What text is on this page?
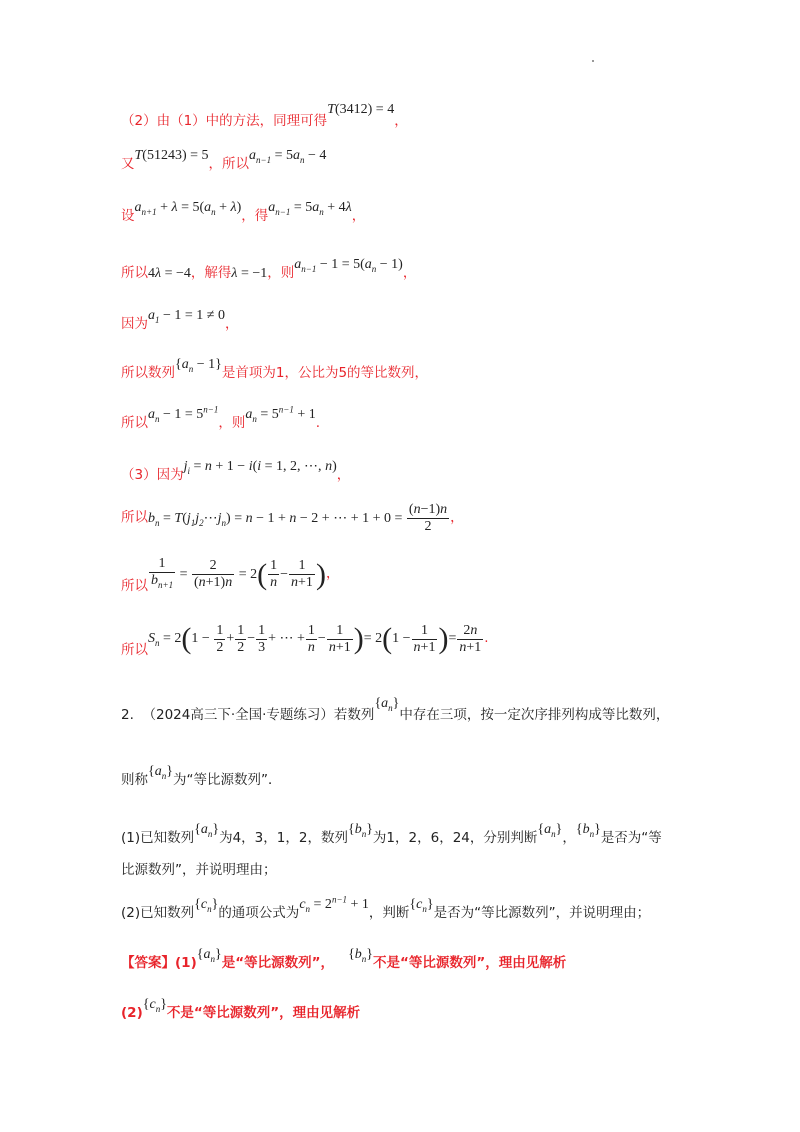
（2）由（1）中的方法，同理可得T(3412) = 4，
又T(51243) = 5，所以$a_{n-1} = 5a_n - 4$
设$a_{n+1} + \lambda = 5(a_n + \lambda)$，得$a_{n-1} = 5a_n + 4\lambda$，
所以4λ = −4，解得λ = −1，则$a_{n-1} - 1 = 5(a_n - 1)$，
因为$a_1 - 1 = 1 \ne 0$，
所以数列$\{a_n - 1\}$是首项为1，公比为5的等比数列，
所以$a_n - 1 = 5^{n-1}$，则$a_n = 5^{n-1} + 1$.
（3）因为$j_i = n + 1 - i(i = 1$, 2, ⋯, n)，
所以$b_n$ = $T(j_1j_2\cdots j_n) = n - 1 + n - 2$ + ⋯ + $1 + 0 = \frac{(n-1)n}{2}$ ，
所以 $\frac{1}{b_{n+1}} = \frac{2}{(n+1)n} = 2( \frac{1}{n} - \frac{1}{n+1}$ )，
所以$S_n = 2(1 - \frac{1}{2} + \frac{1}{2} - \frac{1}{3}$ + ⋯ + $\frac{1}{n} - \frac{1}{n+1}$ )= $2(1 - \frac{1}{n+1}$ )= $\frac{2n}{n+1}$ .
2. （2024高三下·全国·专题练习）若数列$\{a_n\}$中存在三项，按一定次序排列构成等比数列，
则称$\{a_n\}$为“等比源数列”．
(1)已知数列$\{a_n\}$为4，3，1，2，数列$\{b_n\}$为1，2，6，24，分别判断$\{a_n\}$，$\{b_n\}$是否为“等
比源数列”，并说明理由；
(2)已知数列$\{c_n\}$的通项公式为$c_n = 2^{n-1} + 1$，判断$\{c_n\}$是否为“等比源数列”，并说明理由；
【答案】$(1)\{a_n\}$是“等比源数列”，   $\{b_n\}$不是“等比源数列”，理由见解析
$(2)\{c_n\}$不是“等比源数列”，理由见解析
